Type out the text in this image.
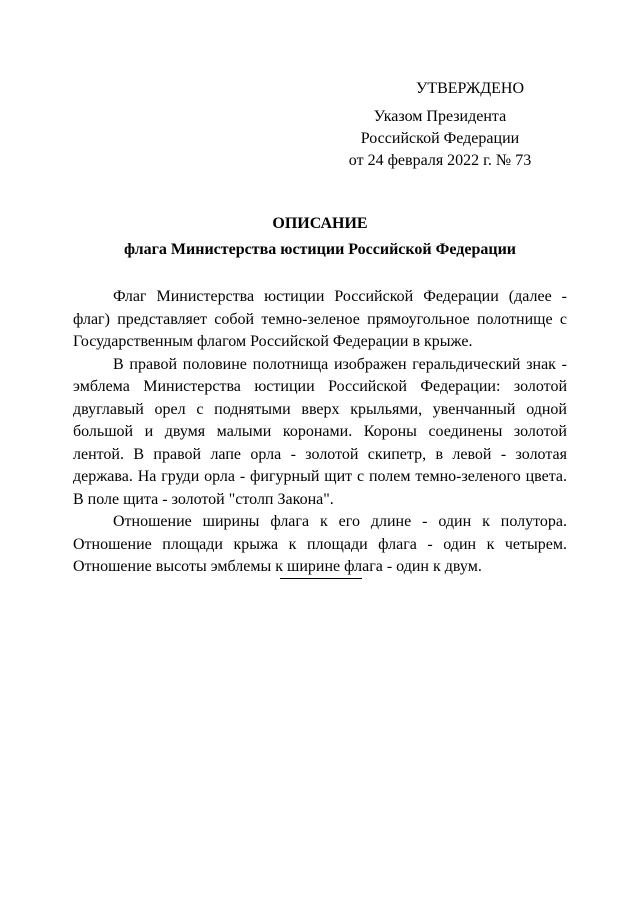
УТВЕРЖДЕНО
Указом Президента
Российской Федерации
от 24 февраля 2022 г. № 73
ОПИСАНИЕ
флага Министерства юстиции Российской Федерации

Флаг Министерства юстиции Российской Федерации (далее - флаг) представляет собой темно-зеленое прямоугольное полотнище с Государственным флагом Российской Федерации в крыже.

В правой половине полотнища изображен геральдический знак - эмблема Министерства юстиции Российской Федерации: золотой двуглавый орел с поднятыми вверх крыльями, увенчанный одной большой и двумя малыми коронами. Короны соединены золотой лентой. В правой лапе орла - золотой скипетр, в левой - золотая держава. На груди орла - фигурный щит с полем темно-зеленого цвета. В поле щита - золотой "столп Закона".

Отношение ширины флага к его длине - один к полутора. Отношение площади крыжа к площади флага - один к четырем. Отношение высоты эмблемы к ширине флага - один к двум.
